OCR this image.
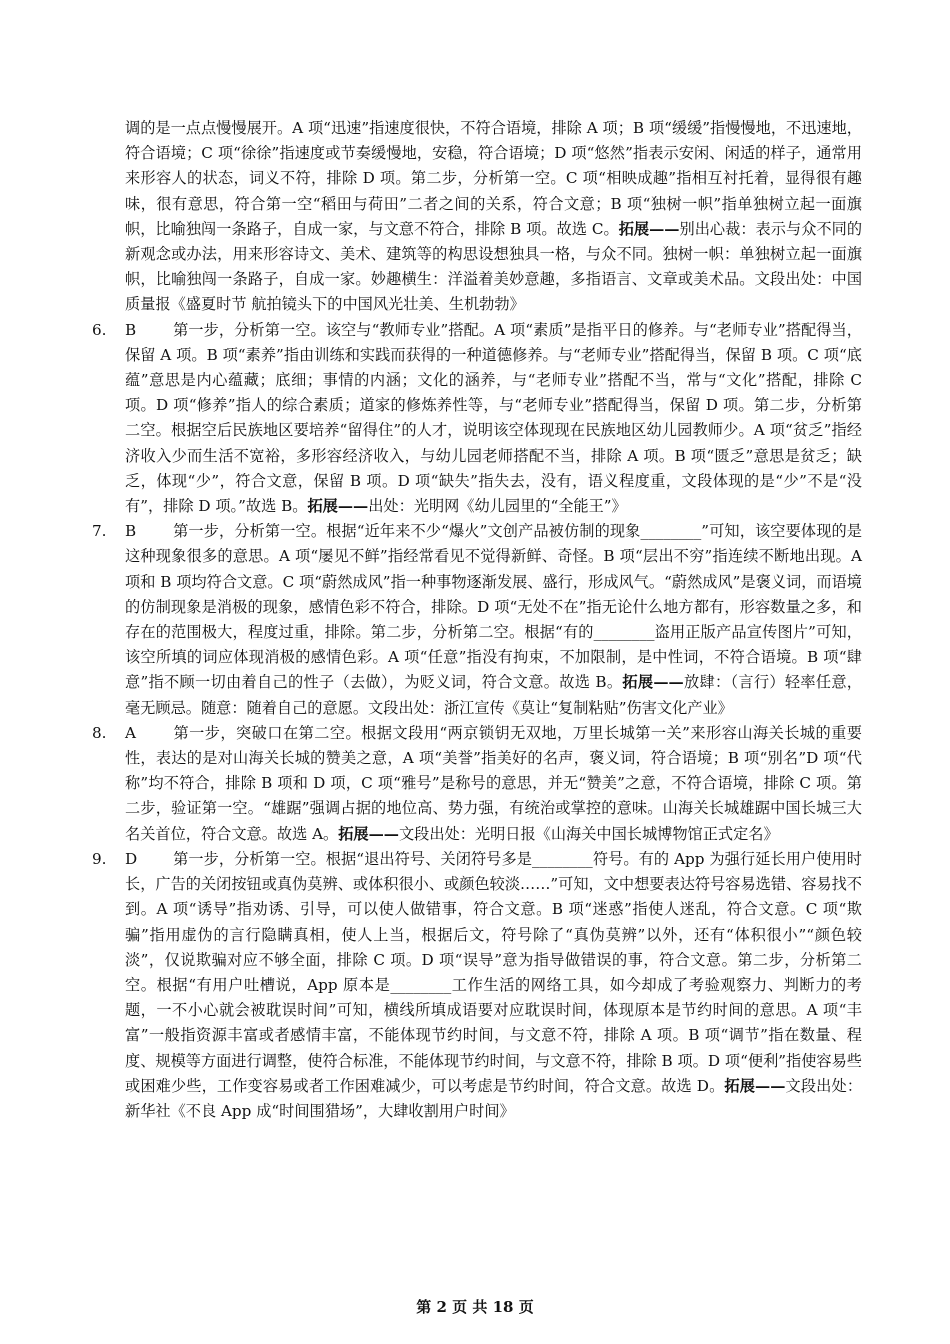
调的是一点点慢慢展开。A 项“迅速”指速度很快，不符合语境，排除 A 项；B 项“缓缓”指慢慢地，不迅速地，符合语境；C 项“徐徐”指速度或节奏缓慢地，安稳，符合语境；D 项“悠然”指表示安闲、闲适的样子，通常用来形容人的状态，词义不符，排除 D 项。第二步，分析第一空。C 项“相映成趣”指相互衬托着，显得很有趣味，很有意思，符合第一空“稻田与荷田”二者之间的关系，符合文意；B 项“独树一帜”指单独树立起一面旗帜，比喻独闯一条路子，自成一家，与文意不符合，排除 B 项。故选 C。拓展——别出心裁：表示与众不同的新观念或办法，用来形容诗文、美术、建筑等的构思设想独具一格，与众不同。独树一帜：单独树立起一面旗帜，比喻独闯一条路子，自成一家。妙趣横生：洋溢着美妙意趣，多指语言、文章或美术品。文段出处：中国质量报《盛夏时节 航拍镜头下的中国风光壮美、生机勃勃》

6.	B 第一步，分析第一空。该空与“教师专业”搭配。A 项“素质”是指平日的修养。与“老师专业”搭配得当，保留 A 项。B 项“素养”指由训练和实践而获得的一种道德修养。与“老师专业”搭配得当，保留 B 项。C 项“底蕴”意思是内心蕴藏；底细；事情的内涵；文化的涵养，与“老师专业”搭配不当，常与“文化”搭配，排除 C 项。D 项“修养”指人的综合素质；道家的修炼养性等，与“老师专业”搭配得当，保留 D 项。第二步，分析第二空。根据空后民族地区要培养“留得住”的人才，说明该空体现现在民族地区幼儿园教师少。A 项“贫乏”指经济收入少而生活不宽裕，多形容经济收入，与幼儿园老师搭配不当，排除 A 项。B 项“匮乏”意思是贫乏；缺乏，体现“少”，符合文意，保留 B 项。D 项“缺失”指失去，没有，语义程度重，文段体现的是“少”不是“没有”，排除 D 项。”故选 B。拓展——出处：光明网《幼儿园里的“全能王”》
7.	B 第一步，分析第一空。根据“近年来不少“爆火”文创产品被仿制的现象________”可知，该空要体现的是这种现象很多的意思。A 项“屡见不鲜”指经常看见不觉得新鲜、奇怪。B 项“层出不穷”指连续不断地出现。A 项和 B 项均符合文意。C 项“蔚然成风”指一种事物逐渐发展、盛行，形成风气。“蔚然成风”是褒义词，而语境的仿制现象是消极的现象，感情色彩不符合，排除。D 项“无处不在”指无论什么地方都有，形容数量之多，和存在的范围极大，程度过重，排除。第二步，分析第二空。根据“有的________盗用正版产品宣传图片”可知，该空所填的词应体现消极的感情色彩。A 项“任意”指没有拘束，不加限制，是中性词，不符合语境。B 项“肆意”指不顾一切由着自己的性子（去做），为贬义词，符合文意。故选 B。拓展——放肆：（言行）轻率任意，毫无顾忌。随意：随着自己的意愿。文段出处：浙江宣传《莫让“复制粘贴”伤害文化产业》
8.	A 第一步，突破口在第二空。根据文段用“两京锁钥无双地，万里长城第一关”来形容山海关长城的重要性，表达的是对山海关长城的赞美之意，A 项“美誉”指美好的名声，褒义词，符合语境；B 项“别名”D 项“代称”均不符合，排除 B 项和 D 项，C 项“雅号”是称号的意思，并无“赞美”之意，不符合语境，排除 C 项。第二步，验证第一空。“雄踞”强调占据的地位高、势力强，有统治或掌控的意味。山海关长城雄踞中国长城三大名关首位，符合文意。故选 A。拓展——文段出处：光明日报《山海关中国长城博物馆正式定名》
9.	D 第一步，分析第一空。根据“退出符号、关闭符号多是________符号。有的 App 为强行延长用户使用时长，广告的关闭按钮或真伪莫辨、或体积很小、或颜色较淡……”可知，文中想要表达符号容易选错、容易找不到。A 项“诱导”指劝诱、引导，可以使人做错事，符合文意。B 项“迷惑”指使人迷乱，符合文意。C 项“欺骗”指用虚伪的言行隐瞒真相，使人上当，根据后文，符号除了“真伪莫辨”以外，还有“体积很小”“颜色较淡”，仅说欺骗对应不够全面，排除 C 项。D 项“误导”意为指导做错误的事，符合文意。第二步，分析第二空。根据“有用户吐槽说，App 原本是________工作生活的网络工具，如今却成了考验观察力、判断力的考题，一不小心就会被耽误时间”可知，横线所填成语要对应耽误时间，体现原本是节约时间的意思。A 项“丰富”一般指资源丰富或者感情丰富，不能体现节约时间，与文意不符，排除 A 项。B 项“调节”指在数量、程度、规模等方面进行调整，使符合标准，不能体现节约时间，与文意不符，排除 B 项。D 项“便利”指使容易些或困难少些，工作变容易或者工作困难减少，可以考虑是节约时间，符合文意。故选 D。拓展——文段出处：新华社《不良 App 成“时间围猎场”，大肆收割用户时间》
第 2 页 共 18 页
